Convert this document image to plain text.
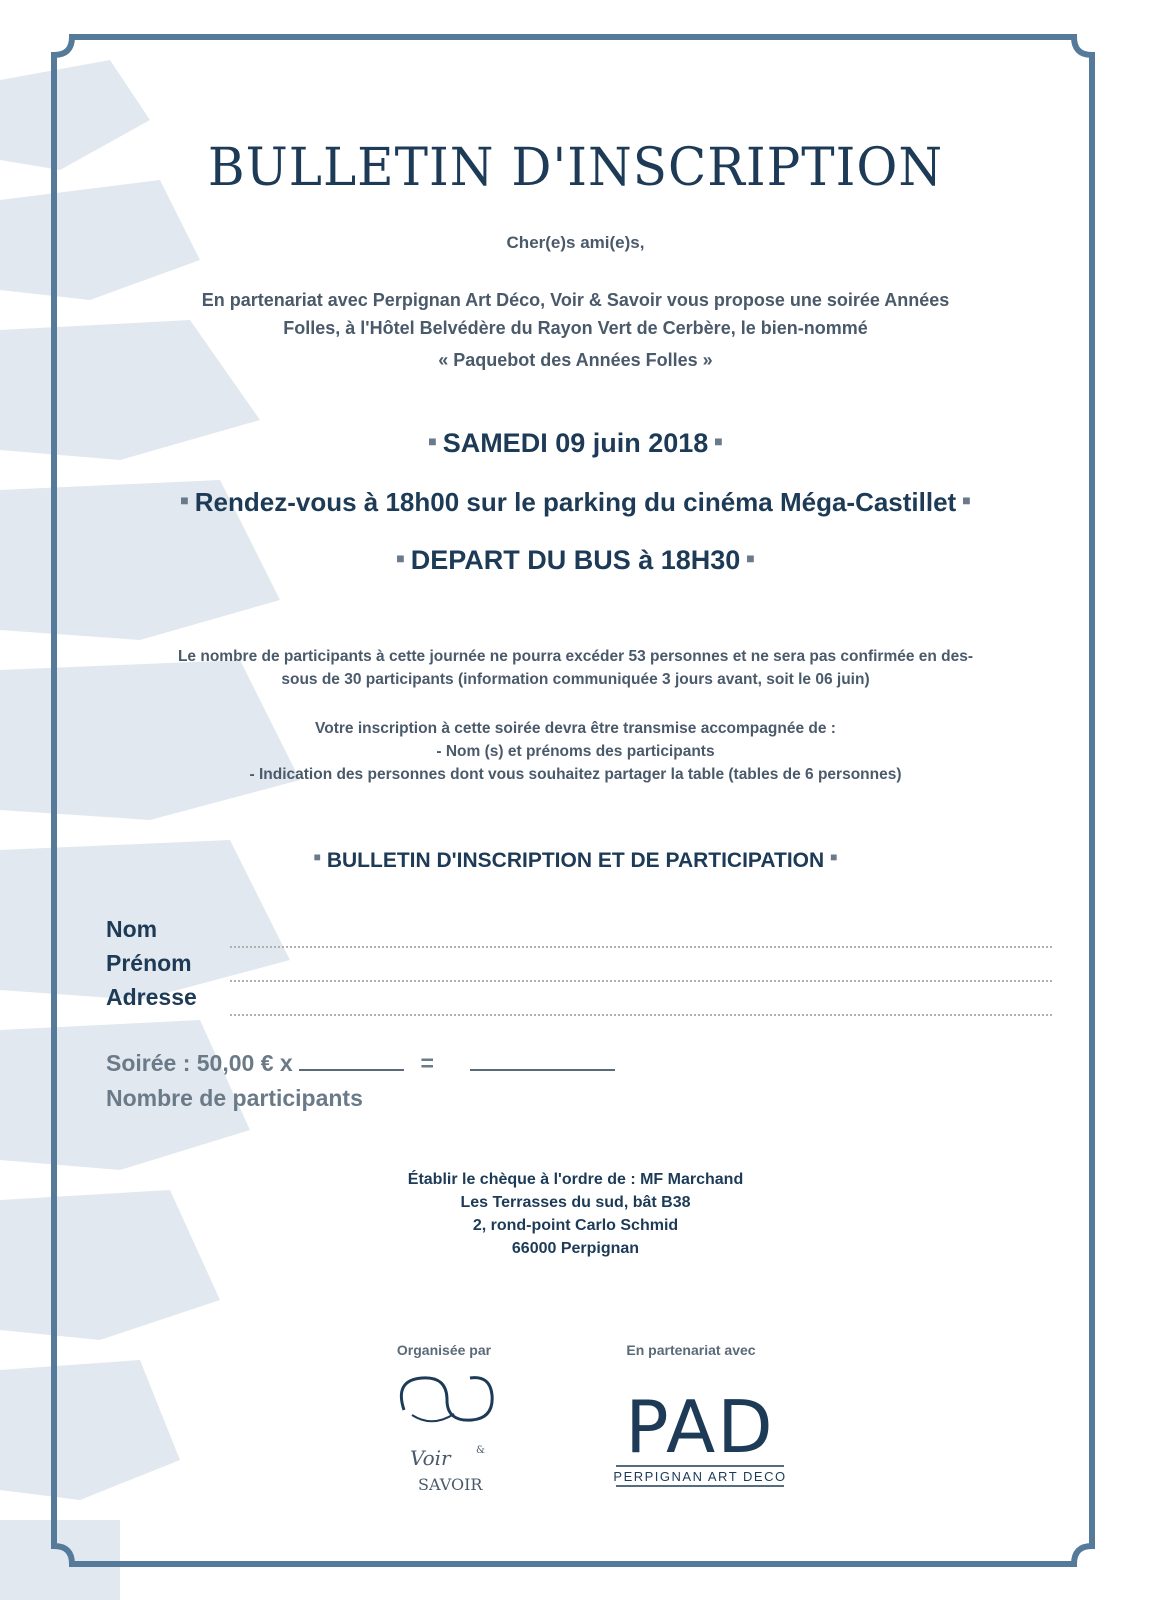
BULLETIN D'INSCRIPTION
Cher(e)s ami(e)s,
En partenariat avec Perpignan Art Déco, Voir & Savoir vous propose une soirée Années
Folles, à l'Hôtel Belvédère du Rayon Vert de Cerbère, le bien-nommé
« Paquebot des Années Folles »
■ SAMEDI 09 juin 2018 ■
■ Rendez-vous à 18h00 sur le parking du cinéma Méga-Castillet ■
■ DEPART DU BUS à 18H30 ■
Le nombre de participants à cette journée ne pourra excéder 53 personnes et ne sera pas confirmée en des-
sous de 30 participants (information communiquée 3 jours avant, soit le 06 juin)
Votre inscription à cette soirée devra être transmise accompagnée de :
- Nom (s) et prénoms des participants
- Indication des personnes dont vous souhaitez partager la table (tables de 6 personnes)
■ BULLETIN D'INSCRIPTION ET DE PARTICIPATION ■
Nom
Prénom
Adresse
Soirée : 50,00 € x	=
Nombre de participants
Établir le chèque à l'ordre de : MF Marchand
Les Terrasses du sud, bât B38
2, rond-point Carlo Schmid
66000 Perpignan
Organisée par	En partenariat avec
Voir	&
SAVOIR
PAD
PERPIGNAN ART DECO
